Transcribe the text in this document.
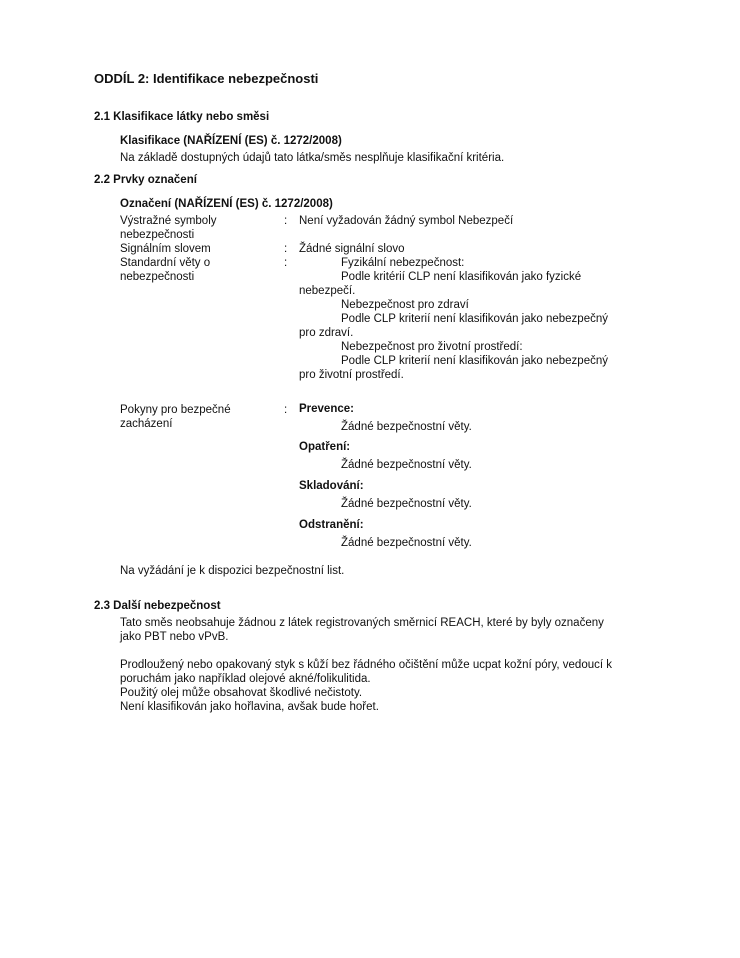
ODDÍL 2: Identifikace nebezpečnosti
2.1 Klasifikace látky nebo směsi
Klasifikace (NAŘÍZENÍ (ES) č. 1272/2008)
Na základě dostupných údajů tato látka/směs nesplňuje klasifikační kritéria.
2.2 Prvky označení
Označení (NAŘÍZENÍ (ES) č. 1272/2008)
Výstražné symboly
nebezpečnosti
: Není vyžadován žádný symbol Nebezpečí
Signálním slovem	: Žádné signální slovo
Standardní věty o
nebezpečnosti
:	Fyzikální nebezpečnost:
Podle kritérií CLP není klasifikován jako fyzické
nebezpečí.
Nebezpečnost pro zdraví
Podle CLP kriterií není klasifikován jako nebezpečný
pro zdraví.
Nebezpečnost pro životní prostředí:
Podle CLP kriterií není klasifikován jako nebezpečný
pro životní prostředí.
Pokyny pro bezpečné
zacházení
: Prevence:
Žádné bezpečnostní věty.
Opatření:
Žádné bezpečnostní věty.
Skladování:
Žádné bezpečnostní věty.
Odstranění:
Žádné bezpečnostní věty.
Na vyžádání je k dispozici bezpečnostní list.
2.3 Další nebezpečnost
Tato směs neobsahuje žádnou z látek registrovaných směrnicí REACH, které by byly označeny
jako PBT nebo vPvB.
Prodloužený nebo opakovaný styk s kůží bez řádného očištění může ucpat kožní póry, vedoucí k
poruchám jako například olejové akné/folikulitida.
Použitý olej může obsahovat škodlivé nečistoty.
Není klasifikován jako hořlavina, avšak bude hořet.
